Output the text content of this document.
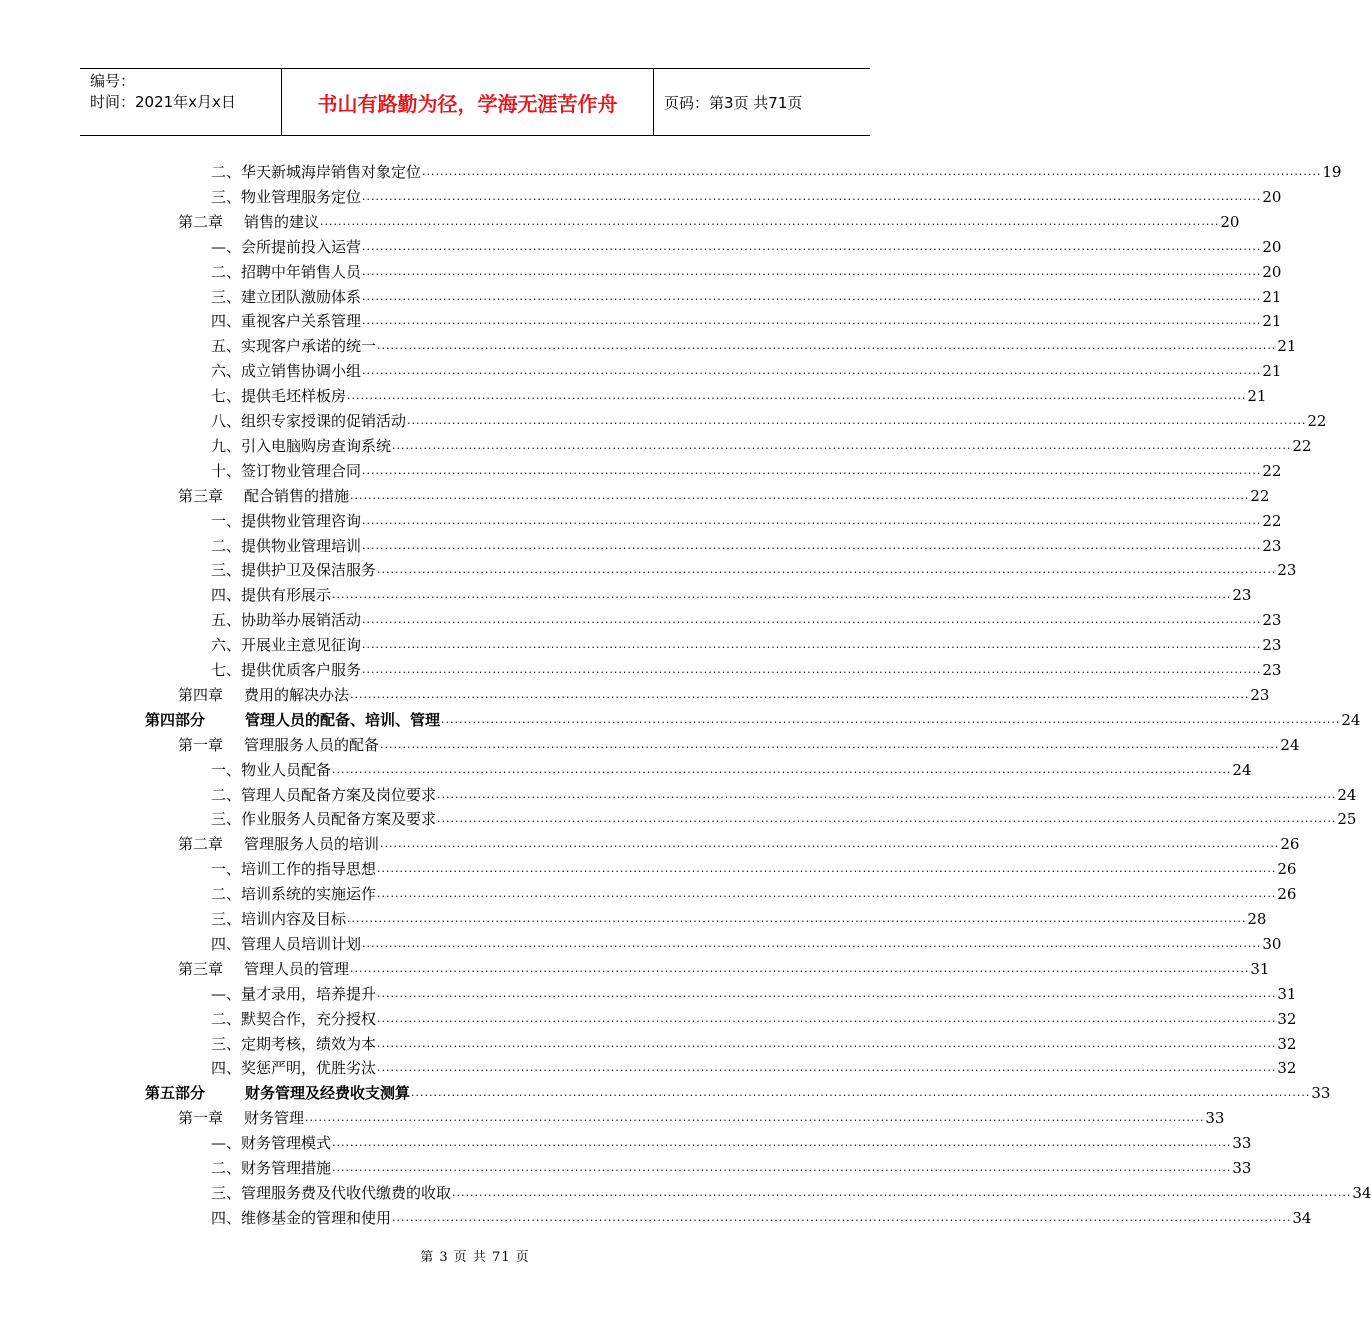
编号：
时间：2021年x月x日	书山有路勤为径，学海无涯苦作舟	页码：第3页 共71页
二、华天新城海岸销售对象定位 ........................................................................................................................................................................................................ 19
三、物业管理服务定位 ........................................................................................................................................................................................................ 20
第二章	销售的建议 ........................................................................................................................................................................................................ 20
—、会所提前投入运营 ........................................................................................................................................................................................................ 20
二、招聘中年销售人员 ........................................................................................................................................................................................................ 20
三、建立团队激励体系 ........................................................................................................................................................................................................ 21
四、重视客户关系管理 ........................................................................................................................................................................................................ 21
五、实现客户承诺的统一 ........................................................................................................................................................................................................ 21
六、成立销售协调小组 ........................................................................................................................................................................................................ 21
七、提供毛坯样板房 ........................................................................................................................................................................................................ 21
八、组织专家授课的促销活动 ........................................................................................................................................................................................................ 22
九、引入电脑购房查询系统 ........................................................................................................................................................................................................ 22
十、签订物业管理合同 ........................................................................................................................................................................................................ 22
第三章	配合销售的措施 ........................................................................................................................................................................................................ 22
一、提供物业管理咨询 ........................................................................................................................................................................................................ 22
二、提供物业管理培训 ........................................................................................................................................................................................................ 23
三、提供护卫及保洁服务 ........................................................................................................................................................................................................ 23
四、提供有形展示 ........................................................................................................................................................................................................ 23
五、协助举办展销活动 ........................................................................................................................................................................................................ 23
六、开展业主意见征询 ........................................................................................................................................................................................................ 23
七、提供优质客户服务 ........................................................................................................................................................................................................ 23
第四章	费用的解决办法 ........................................................................................................................................................................................................ 23
第四部分	管理人员的配备、培训、管理 ........................................................................................................................................................................................................ 24
第一章	管理服务人员的配备 ........................................................................................................................................................................................................ 24
一、物业人员配备 ........................................................................................................................................................................................................ 24
二、管理人员配备方案及岗位要求 ........................................................................................................................................................................................................ 24
三、作业服务人员配备方案及要求 ........................................................................................................................................................................................................ 25
第二章	管理服务人员的培训 ........................................................................................................................................................................................................ 26
一、培训工作的指导思想 ........................................................................................................................................................................................................ 26
二、培训系统的实施运作 ........................................................................................................................................................................................................ 26
三、培训内容及目标 ........................................................................................................................................................................................................ 28
四、管理人员培训计划 ........................................................................................................................................................................................................ 30
第三章	管理人员的管理 ........................................................................................................................................................................................................ 31
—、量才录用，培养提升 ........................................................................................................................................................................................................ 31
二、默契合作，充分授权 ........................................................................................................................................................................................................ 32
三、定期考核，绩效为本 ........................................................................................................................................................................................................ 32
四、奖惩严明，优胜劣汰 ........................................................................................................................................................................................................ 32
第五部分	财务管理及经费收支测算 ........................................................................................................................................................................................................ 33
第一章	财务管理 ........................................................................................................................................................................................................ 33
—、财务管理模式 ........................................................................................................................................................................................................ 33
二、财务管理措施 ........................................................................................................................................................................................................ 33
三、管理服务费及代收代缴费的收取 ........................................................................................................................................................................................................ 34
四、维修基金的管理和使用 ........................................................................................................................................................................................................ 34
第 3 页 共 71 页
